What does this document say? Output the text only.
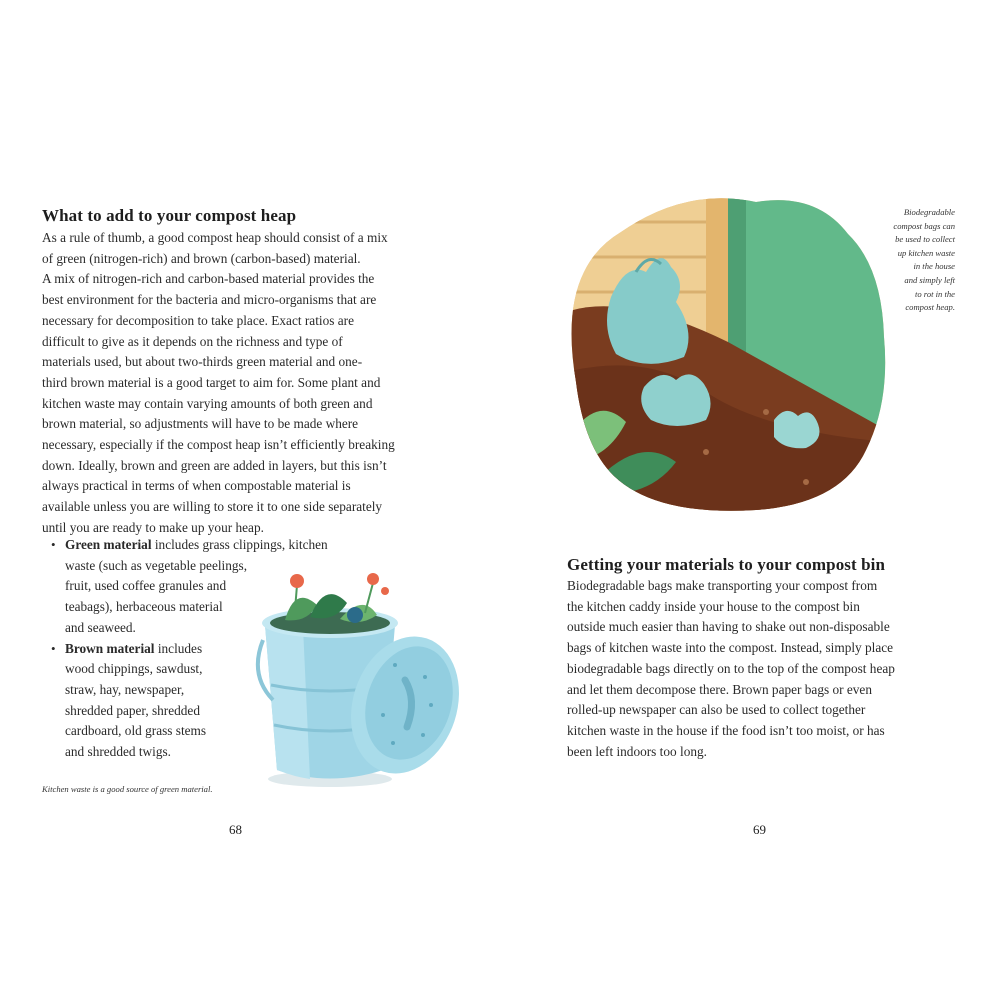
What to add to your compost heap
As a rule of thumb, a good compost heap should consist of a mix
of green (nitrogen-rich) and brown (carbon-based) material.
A mix of nitrogen-rich and carbon-based material provides the
best environment for the bacteria and micro-organisms that are
necessary for decomposition to take place. Exact ratios are
difficult to give as it depends on the richness and type of
materials used, but about two-thirds green material and one-
third brown material is a good target to aim for. Some plant and
kitchen waste may contain varying amounts of both green and
brown material, so adjustments will have to be made where
necessary, especially if the compost heap isn’t efficiently breaking
down. Ideally, brown and green are added in layers, but this isn’t
always practical in terms of when compostable material is
available unless you are willing to store it to one side separately
until you are ready to make up your heap.
• Green material includes grass clippings, kitchen
waste (such as vegetable peelings,
fruit, used coffee granules and
teabags), herbaceous material
and seaweed.
• Brown material includes
wood chippings, sawdust,
straw, hay, newspaper,
shredded paper, shredded
cardboard, old grass stems
and shredded twigs.
Kitchen waste is a good source of green material.
68
Biodegradable
compost bags can
be used to collect
up kitchen waste
in the house
and simply left
to rot in the
compost heap.
Getting your materials to your compost bin
Biodegradable bags make transporting your compost from
the kitchen caddy inside your house to the compost bin
outside much easier than having to shake out non-disposable
bags of kitchen waste into the compost. Instead, simply place
biodegradable bags directly on to the top of the compost heap
and let them decompose there. Brown paper bags or even
rolled-up newspaper can also be used to collect together
kitchen waste in the house if the food isn’t too moist, or has
been left indoors too long.
69
